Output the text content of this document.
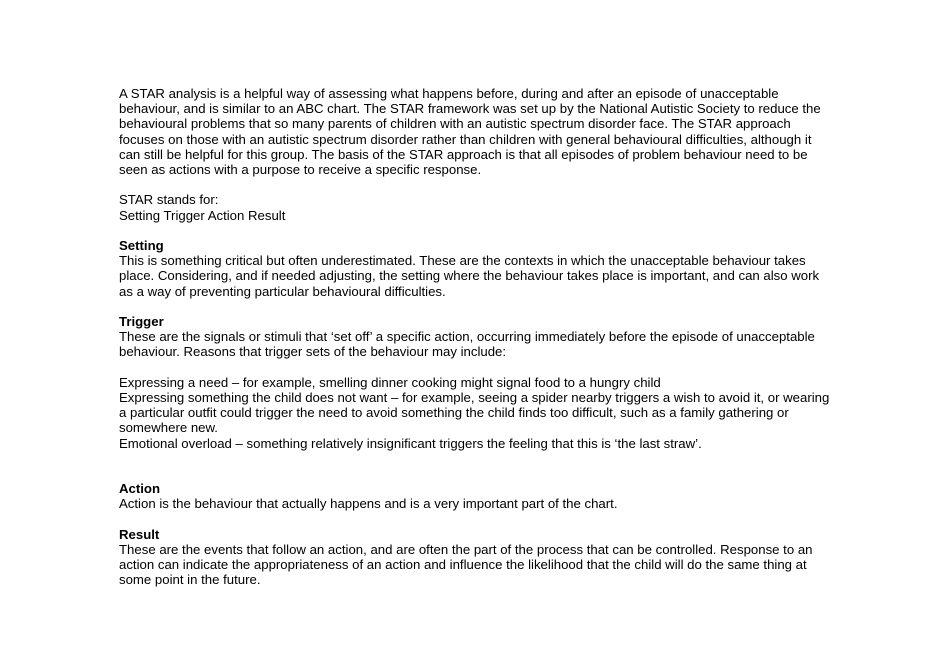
A STAR analysis is a helpful way of assessing what happens before, during and after an episode of unacceptable behaviour, and is similar to an ABC chart. The STAR framework was set up by the National Autistic Society to reduce the behavioural problems that so many parents of children with an autistic spectrum disorder face. The STAR approach focuses on those with an autistic spectrum disorder rather than children with general behavioural difficulties, although it can still be helpful for this group. The basis of the STAR approach is that all episodes of problem behaviour need to be seen as actions with a purpose to receive a specific response.

STAR stands for:

Setting Trigger Action Result

Setting

This is something critical but often underestimated. These are the contexts in which the unacceptable behaviour takes place. Considering, and if needed adjusting, the setting where the behaviour takes place is important, and can also work as a way of preventing particular behavioural difficulties.

Trigger

These are the signals or stimuli that ‘set off’ a specific action, occurring immediately before the episode of unacceptable behaviour. Reasons that trigger sets of the behaviour may include:

Expressing a need – for example, smelling dinner cooking might signal food to a hungry child

Expressing something the child does not want – for example, seeing a spider nearby triggers a wish to avoid it, or wearing a particular outfit could trigger the need to avoid something the child finds too difficult, such as a family gathering or somewhere new.

Emotional overload – something relatively insignificant triggers the feeling that this is ‘the last straw’.

Action

Action is the behaviour that actually happens and is a very important part of the chart.

Result

These are the events that follow an action, and are often the part of the process that can be controlled. Response to an action can indicate the appropriateness of an action and influence the likelihood that the child will do the same thing at some point in the future.
